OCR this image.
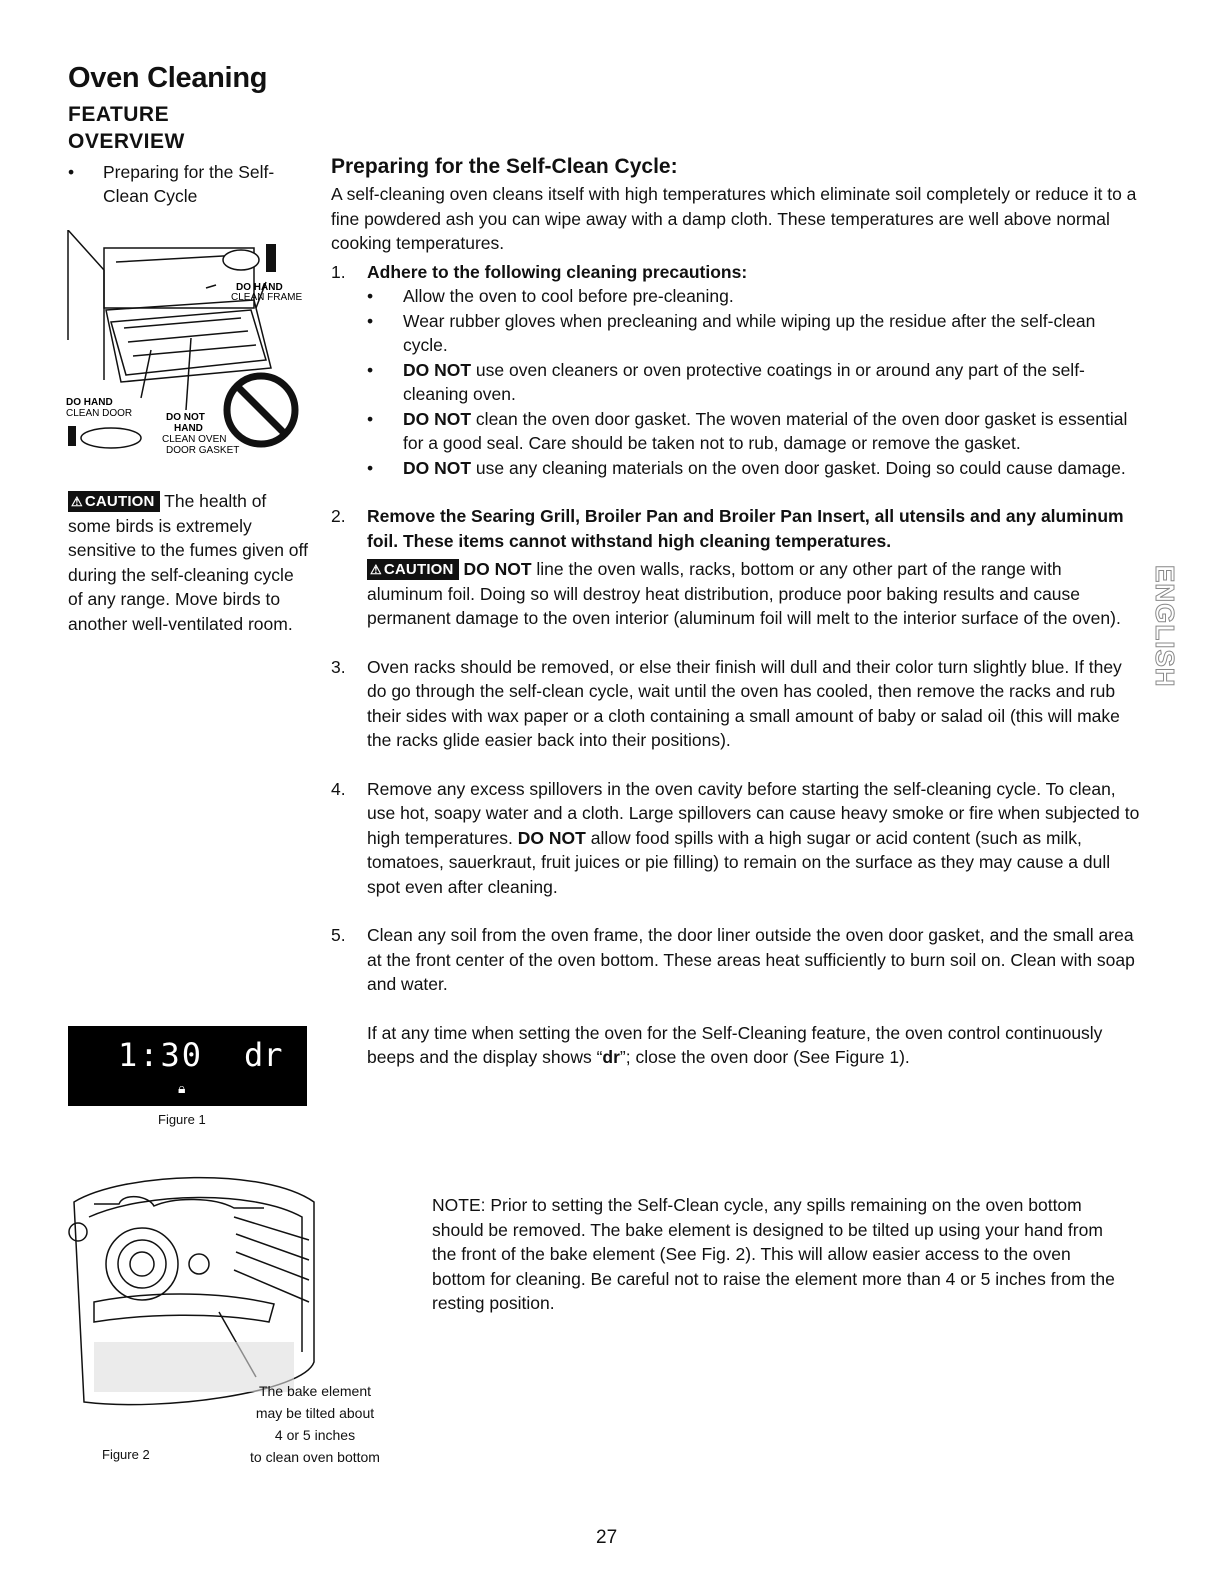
Oven Cleaning
FEATURE
OVERVIEW
• Preparing for the Self-Clean Cycle
DO HAND
CLEAN FRAME
DO HAND
CLEAN DOOR	DO NOT
HAND
CLEAN OVEN
DOOR GASKET
⚠ CAUTION The health of some birds is extremely sensitive to the fumes given off during the self-cleaning cycle of any range. Move birds to another well-ventilated room.
Preparing for the Self-Clean Cycle:

A self-cleaning oven cleans itself with high temperatures which eliminate soil completely or reduce it to a fine powdered ash you can wipe away with a damp cloth. These temperatures are well above normal cooking temperatures.

1. Adhere to the following cleaning precautions:
• Allow the oven to cool before pre-cleaning.
• Wear rubber gloves when precleaning and while wiping up the residue after the self-clean cycle.
• DO NOT use oven cleaners or oven protective coatings in or around any part of the self-cleaning oven.
• DO NOT clean the oven door gasket. The woven material of the oven door gasket is essential for a good seal. Care should be taken not to rub, damage or remove the gasket.
• DO NOT use any cleaning materials on the oven door gasket. Doing so could cause damage.
2. Remove the Searing Grill, Broiler Pan and Broiler Pan Insert, all utensils and any aluminum foil. These items cannot withstand high cleaning temperatures.
⚠ CAUTION DO NOT line the oven walls, racks, bottom or any other part of the range with aluminum foil. Doing so will destroy heat distribution, produce poor baking results and cause permanent damage to the oven interior (aluminum foil will melt to the interior surface of the oven).
3. Oven racks should be removed, or else their finish will dull and their color turn slightly blue. If they do go through the self-clean cycle, wait until the oven has cooled, then remove the racks and rub their sides with wax paper or a cloth containing a small amount of baby or salad oil (this will make the racks glide easier back into their positions).
4. Remove any excess spillovers in the oven cavity before starting the self-cleaning cycle. To clean, use hot, soapy water and a cloth. Large spillovers can cause heavy smoke or fire when subjected to high temperatures. DO NOT allow food spills with a high sugar or acid content (such as milk, tomatoes, sauerkraut, fruit juices or pie filling) to remain on the surface as they may cause a dull spot even after cleaning.
5. Clean any soil from the oven frame, the door liner outside the oven door gasket, and the small area at the front center of the oven bottom. These areas heat sufficiently to burn soil on. Clean with soap and water.

If at any time when setting the oven for the Self-Cleaning feature, the oven control continuously beeps and the display shows “dr”; close the oven door (See Figure 1).

1:30 dr
🔒︎
Figure 1
NOTE: Prior to setting the Self-Clean cycle, any spills remaining on the oven bottom should be removed. The bake element is designed to be tilted up using your hand from the front of the bake element (See Fig. 2). This will allow easier access to the oven bottom for cleaning. Be careful not to raise the element more than 4 or 5 inches from the resting position.
Figure 2
The bake element
may be tilted about
4 or 5 inches
to clean oven bottom
ENGLISH
27
